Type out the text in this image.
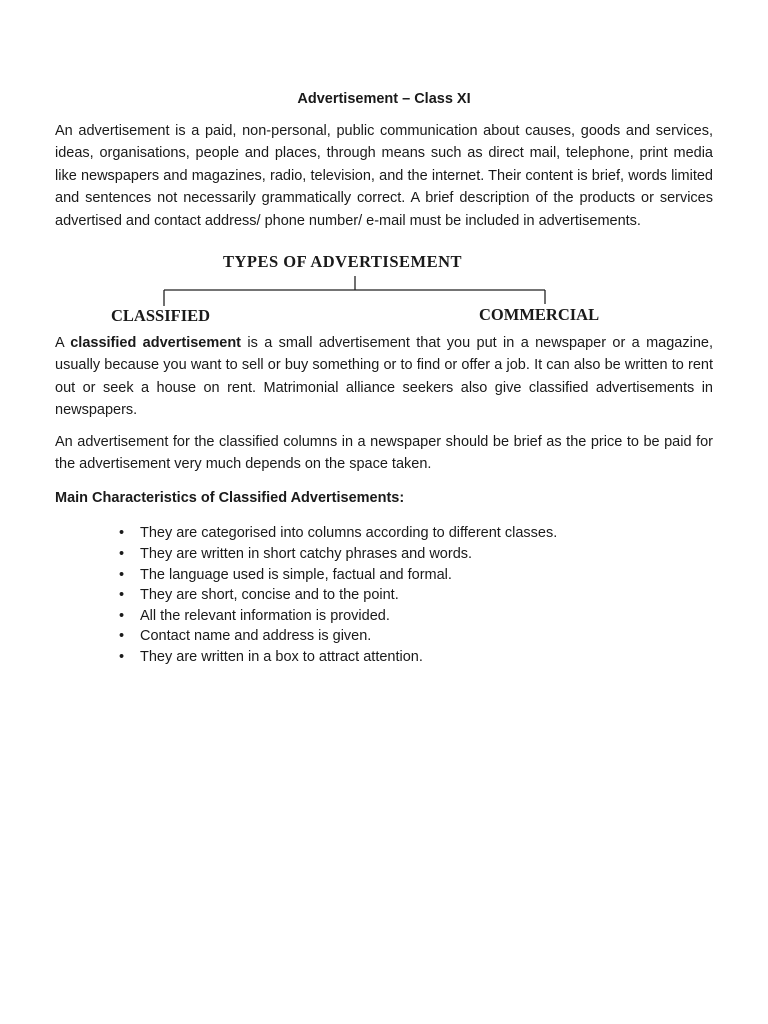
Advertisement – Class XI

An advertisement is a paid, non-personal, public communication about causes, goods and services, ideas, organisations, people and places, through means such as direct mail, telephone, print media like newspapers and magazines, radio, television, and the internet. Their content is brief, words limited and sentences not necessarily grammatically correct. A brief description of the products or services advertised and contact address/ phone number/ e-mail must be included in advertisements.

TYPES OF ADVERTISEMENT
CLASSIFIED	COMMERCIAL

A classified advertisement is a small advertisement that you put in a newspaper or a magazine, usually because you want to sell or buy something or to find or offer a job. It can also be written to rent out or seek a house on rent. Matrimonial alliance seekers also give classified advertisements in newspapers.

An advertisement for the classified columns in a newspaper should be brief as the price to be paid for the advertisement very much depends on the space taken.

Main Characteristics of Classified Advertisements:
• They are categorised into columns according to different classes.
• They are written in short catchy phrases and words.
• The language used is simple, factual and formal.
• They are short, concise and to the point.
• All the relevant information is provided.
• Contact name and address is given.
• They are written in a box to attract attention.
